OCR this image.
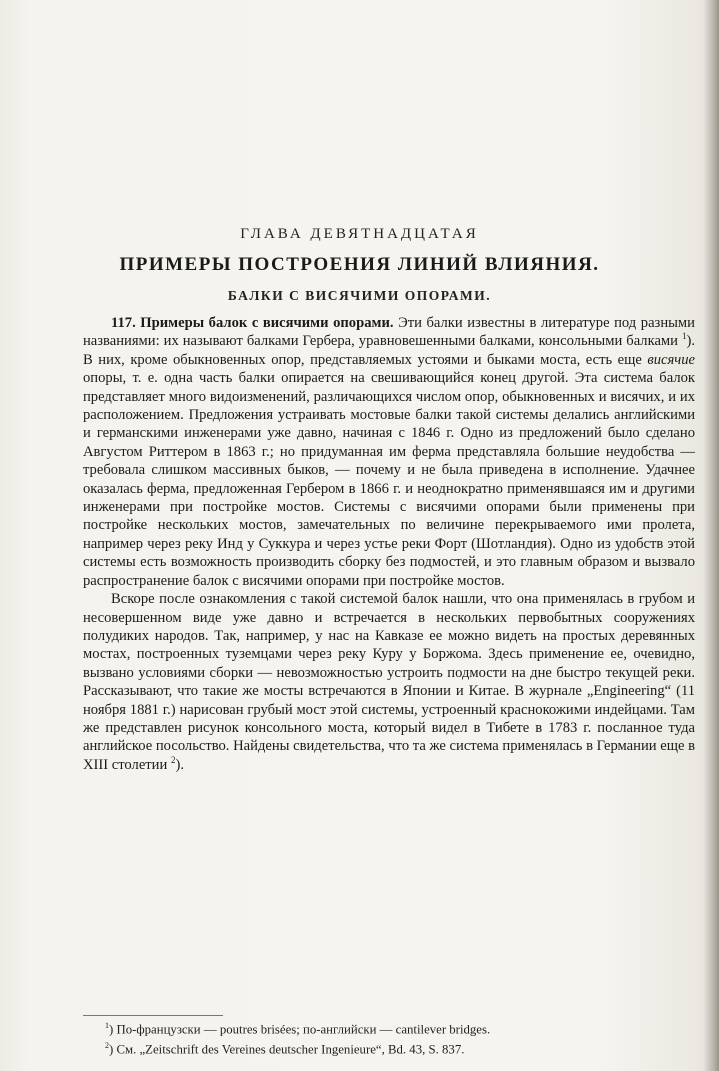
ГЛАВА ДЕВЯТНАДЦАТАЯ
ПРИМЕРЫ ПОСТРОЕНИЯ ЛИНИЙ ВЛИЯНИЯ.
БАЛКИ С ВИСЯЧИМИ ОПОРАМИ.

117. Примеры балок с висячими опорами. Эти балки известны в литературе под разными названиями: их называют балками Гербера, уравновешенными балками, консольными балками $^1$). В них, кроме обыкновенных опор, представляемых устоями и быками моста, есть еще висячие опоры, т. е. одна часть балки опирается на свешивающийся конец другой. Эта система балок представляет много видоизменений, различающихся числом опор, обыкновенных и висячих, и их расположением. Предложения устраивать мостовые балки такой системы делались английскими и германскими инженерами уже давно, начиная с 1846 г. Одно из предложений было сделано Августом Риттером в 1863 г.; но придуманная им ферма представляла большие неудобства — требовала слишком массивных быков, — почему и не была приведена в исполнение. Удачнее оказалась ферма, предложенная Гербером в 1866 г. и неоднократно применявшаяся им и другими инженерами при постройке мостов. Системы с висячими опорами были применены при постройке нескольких мостов, замечательных по величине перекрываемого ими пролета, например через реку Инд у Суккура и через устье реки Форт (Шотландия). Одно из удобств этой системы есть возможность производить сборку без подмостей, и это главным образом и вызвало распространение балок с висячими опорами при постройке мостов.

Вскоре после ознакомления с такой системой балок нашли, что она применялась в грубом и несовершенном виде уже давно и встречается в нескольких первобытных сооружениях полудиких народов. Так, например, у нас на Кавказе ее можно видеть на простых деревянных мостах, построенных туземцами через реку Куру у Боржома. Здесь применение ее, очевидно, вызвано условиями сборки — невозможностью устроить подмости на дне быстро текущей реки. Рассказывают, что такие же мосты встречаются в Японии и Китае. В журнале „Engineering“ (11 ноября 1881 г.) нарисован грубый мост этой системы, устроенный краснокожими индейцами. Там же представлен рисунок консольного моста, который видел в Тибете в 1783 г. посланное туда английское посольство. Найдены свидетельства, что та же система применялась в Германии еще в XIII столетии $^2$).

$^1$) По-французски — poutres brisées; по-английски — cantilever bridges.

$^2$) См. „Zeitschrift des Vereines deutscher Ingenieure“, Bd. 43, S. 837.
